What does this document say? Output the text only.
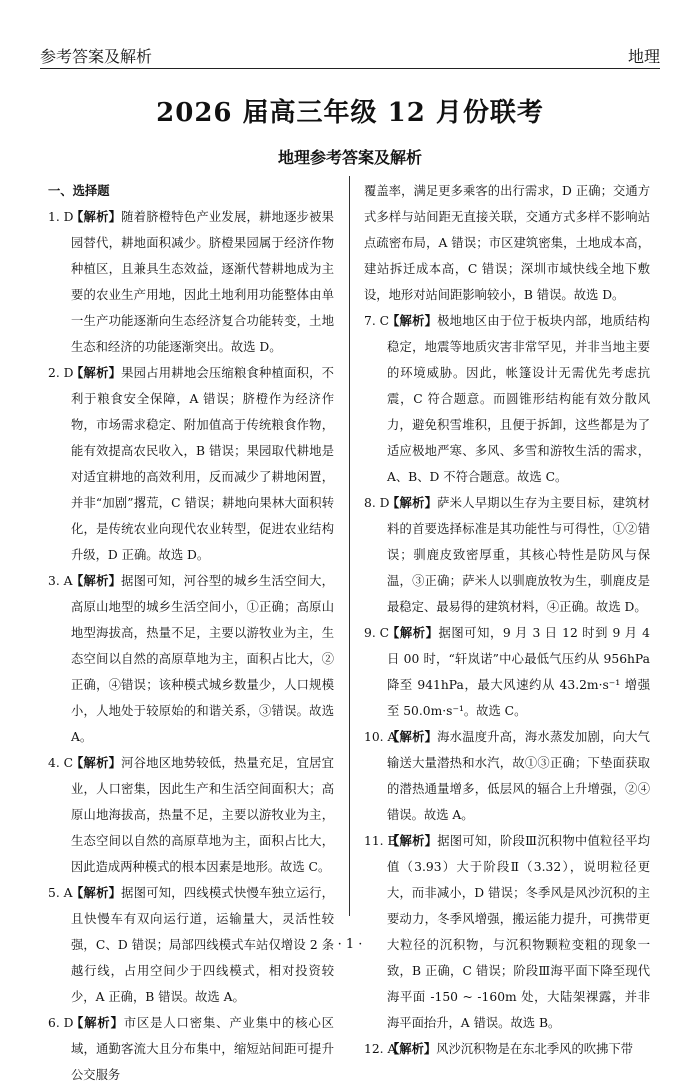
参考答案及解析	地理
2026 届高三年级 12 月份联考
地理参考答案及解析
一、选择题
1. D
【解析】随着脐橙特色产业发展，耕地逐步被果园替代，耕地面积减少。脐橙果园属于经济作物种植区，且兼具生态效益，逐渐代替耕地成为主要的农业生产用地，因此土地利用功能整体由单一生产功能逐渐向生态经济复合功能转变，土地生态和经济的功能逐渐突出。故选 D。
2. D
【解析】果园占用耕地会压缩粮食种植面积，不利于粮食安全保障，A 错误；脐橙作为经济作物，市场需求稳定、附加值高于传统粮食作物，能有效提高农民收入，B 错误；果园取代耕地是对适宜耕地的高效利用，反而减少了耕地闲置，并非“加剧”撂荒，C 错误；耕地向果林大面积转化，是传统农业向现代农业转型，促进农业结构升级，D 正确。故选 D。
3. A
【解析】据图可知，河谷型的城乡生活空间大，高原山地型的城乡生活空间小，①正确；高原山地型海拔高，热量不足，主要以游牧业为主，生态空间以自然的高原草地为主，面积占比大，②正确，④错误；该种模式城乡数量少，人口规模小，人地处于较原始的和谐关系，③错误。故选 A。
4. C
【解析】河谷地区地势较低，热量充足，宜居宜业，人口密集，因此生产和生活空间面积大；高原山地海拔高，热量不足，主要以游牧业为主，生态空间以自然的高原草地为主，面积占比大，因此造成两种模式的根本因素是地形。故选 C。
5. A
【解析】据图可知，四线模式快慢车独立运行，且快慢车有双向运行道，运输量大，灵活性较强，C、D 错误；局部四线模式车站仅增设 2 条越行线，占用空间少于四线模式，相对投资较少，A 正确，B 错误。故选 A。
6. D
【解析】市区是人口密集、产业集中的核心区域，通勤客流大且分布集中，缩短站间距可提升公交服务
覆盖率，满足更多乘客的出行需求，D 正确；交通方式多样与站间距无直接关联，交通方式多样不影响站点疏密布局，A 错误；市区建筑密集，土地成本高，建站拆迁成本高，C 错误；深圳市域快线全地下敷设，地形对站间距影响较小，B 错误。故选 D。
7. C
【解析】极地地区由于位于板块内部，地质结构稳定，地震等地质灾害非常罕见，并非当地主要的环境威胁。因此，帐篷设计无需优先考虑抗震，C 符合题意。而圆锥形结构能有效分散风力，避免积雪堆积，且便于拆卸，这些都是为了适应极地严寒、多风、多雪和游牧生活的需求，A、B、D 不符合题意。故选 C。
8. D
【解析】萨米人早期以生存为主要目标，建筑材料的首要选择标准是其功能性与可得性，①②错误；驯鹿皮致密厚重，其核心特性是防风与保温，③正确；萨米人以驯鹿放牧为生，驯鹿皮是最稳定、最易得的建筑材料，④正确。故选 D。
9. C
【解析】据图可知，9 月 3 日 12 时到 9 月 4 日 00 时，“轩岚诺”中心最低气压约从 956hPa 降至 941hPa，最大风速约从 43.2m·s⁻¹ 增强至 50.0m·s⁻¹。故选 C。
10. A
【解析】海水温度升高，海水蒸发加剧，向大气输送大量潜热和水汽，故①③正确；下垫面获取的潜热通量增多，低层风的辐合上升增强，②④错误。故选 A。
11. B
【解析】据图可知，阶段Ⅲ沉积物中值粒径平均值（3.93）大于阶段Ⅱ（3.32），说明粒径更大，而非减小，D 错误；冬季风是风沙沉积的主要动力，冬季风增强，搬运能力提升，可携带更大粒径的沉积物，与沉积物颗粒变粗的现象一致，B 正确，C 错误；阶段Ⅲ海平面下降至现代海平面 -150 ~ -160m 处，大陆架裸露，并非海平面抬升，A 错误。故选 B。
12. A
【解析】风沙沉积物是在东北季风的吹拂下带
· 1 ·
